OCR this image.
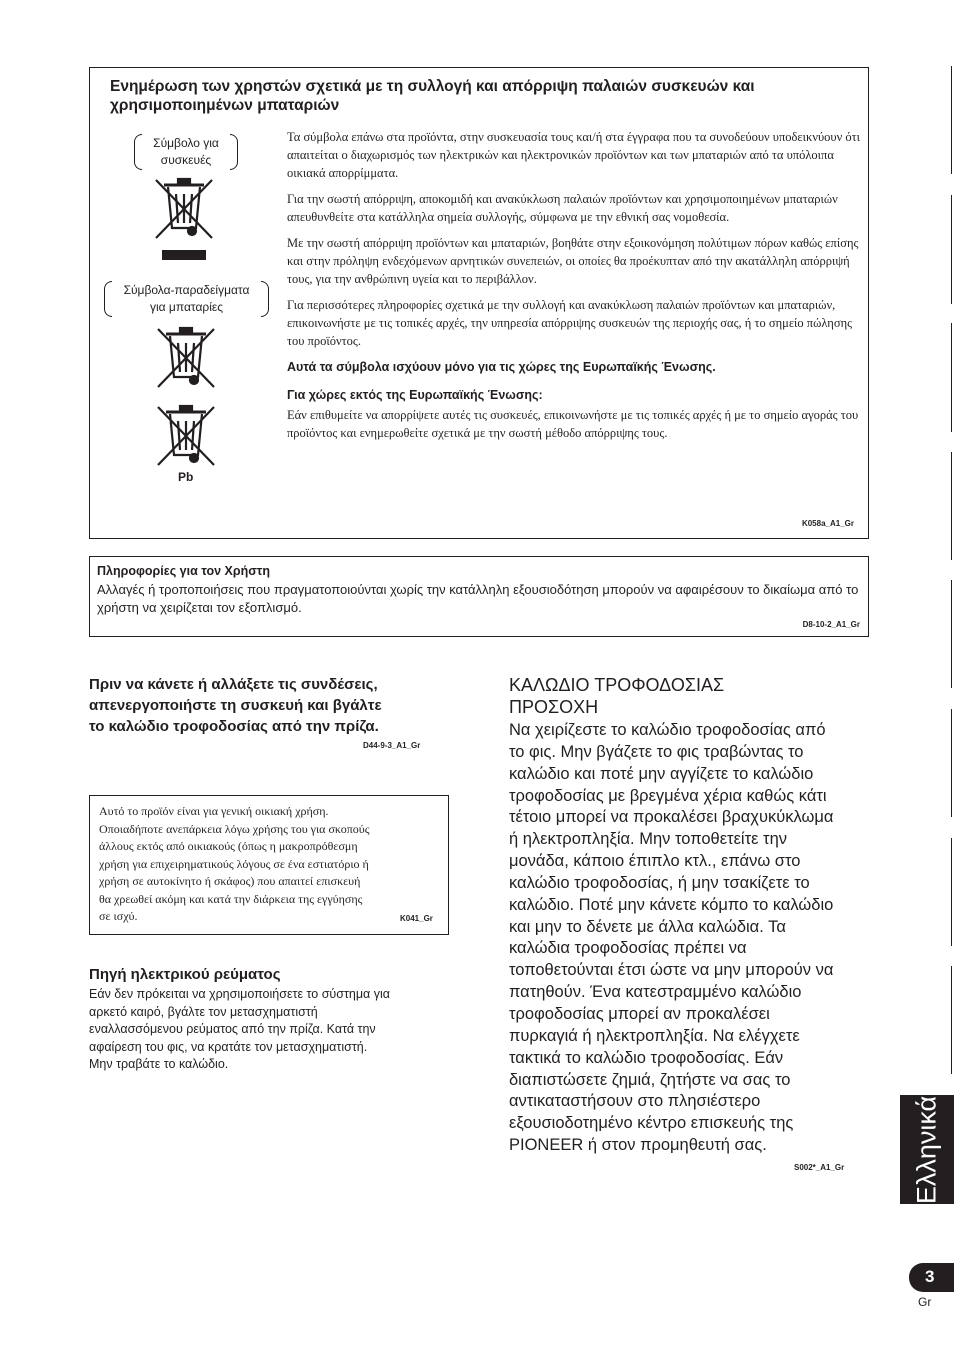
Ενημέρωση των χρηστών σχετικά με τη συλλογή και απόρριψη παλαιών συσκευών και χρησιμοποιημένων μπαταριών
Σύμβολο για
συσκευές
Σύμβολα-παραδείγματα
για μπαταρίες
Pb

Τα σύμβολα επάνω στα προϊόντα, στην συσκευασία τους και/ή στα έγγραφα που τα συνοδεύουν υποδεικνύουν ότι απαιτείται ο διαχωρισμός των ηλεκτρικών και ηλεκτρονικών προϊόντων και των μπαταριών από τα υπόλοιπα οικιακά απορρίμματα.

Για την σωστή απόρριψη, αποκομιδή και ανακύκλωση παλαιών προϊόντων και χρησιμοποιημένων μπαταριών απευθυνθείτε στα κατάλληλα σημεία συλλογής, σύμφωνα με την εθνική σας νομοθεσία.

Με την σωστή απόρριψη προϊόντων και μπαταριών, βοηθάτε στην εξοικονόμηση πολύτιμων πόρων καθώς επίσης και στην πρόληψη ενδεχόμενων αρνητικών συνεπειών, οι οποίες θα προέκυπταν από την ακατάλληλη απόρριψή τους, για την ανθρώπινη υγεία και το περιβάλλον.

Για περισσότερες πληροφορίες σχετικά με την συλλογή και ανακύκλωση παλαιών προϊόντων και μπαταριών, επικοινωνήστε με τις τοπικές αρχές, την υπηρεσία απόρριψης συσκευών της περιοχής σας, ή το σημείο πώλησης του προϊόντος.

Αυτά τα σύμβολα ισχύουν μόνο για τις χώρες της Ευρωπαϊκής Ένωσης.

Για χώρες εκτός της Ευρωπαϊκής Ένωσης:

Εάν επιθυμείτε να απορρίψετε αυτές τις συσκευές, επικοινωνήστε με τις τοπικές αρχές ή με το σημείο αγοράς του προϊόντος και ενημερωθείτε σχετικά με την σωστή μέθοδο απόρριψης τους.

K058a_A1_Gr
Πληροφορίες για τον Χρήστη
Αλλαγές ή τροποποιήσεις που πραγματοποιούνται χωρίς την κατάλληλη εξουσιοδότηση μπορούν να αφαιρέσουν το δικαίωμα από το χρήστη να χειρίζεται τον εξοπλισμό.
D8-10-2_A1_Gr
Πριν να κάνετε ή αλλάξετε τις συνδέσεις,
απενεργοποιήστε τη συσκευή και βγάλτε
το καλώδιο τροφοδοσίας από την πρίζα.
D44-9-3_A1_Gr
Αυτό το προϊόν είναι για γενική οικιακή χρήση.
Οποιαδήποτε ανεπάρκεια λόγω χρήσης του για σκοπούς
άλλους εκτός από οικιακούς (όπως η μακροπρόθεσμη
χρήση για επιχειρηματικούς λόγους σε ένα εστιατόριο ή
χρήση σε αυτοκίνητο ή σκάφος) που απαιτεί επισκευή
θα χρεωθεί ακόμη και κατά την διάρκεια της εγγύησης
σε ισχύ.	K041_Gr
Πηγή ηλεκτρικού ρεύματος
Εάν δεν πρόκειται να χρησιμοποιήσετε το σύστημα για
αρκετό καιρό, βγάλτε τον μετασχηματιστή
εναλλασσόμενου ρεύματος από την πρίζα. Κατά την
αφαίρεση του φις, να κρατάτε τον μετασχηματιστή.
Μην τραβάτε το καλώδιο.
ΚΑΛΩΔΙΟ ΤΡΟΦΟΔΟΣΙΑΣ
ΠΡΟΣΟΧΗ
Να χειρίζεστε το καλώδιο τροφοδοσίας από
το φις. Μην βγάζετε το φις τραβώντας το
καλώδιο και ποτέ μην αγγίζετε το καλώδιο
τροφοδοσίας με βρεγμένα χέρια καθώς κάτι
τέτοιο μπορεί να προκαλέσει βραχυκύκλωμα
ή ηλεκτροπληξία. Μην τοποθετείτε την
μονάδα, κάποιο έπιπλο κτλ., επάνω στο
καλώδιο τροφοδοσίας, ή μην τσακίζετε το
καλώδιο. Ποτέ μην κάνετε κόμπο το καλώδιο
και μην το δένετε με άλλα καλώδια. Τα
καλώδια τροφοδοσίας πρέπει να
τοποθετούνται έτσι ώστε να μην μπορούν να
πατηθούν. Ένα κατεστραμμένο καλώδιο
τροφοδοσίας μπορεί αν προκαλέσει
πυρκαγιά ή ηλεκτροπληξία. Να ελέγχετε
τακτικά το καλώδιο τροφοδοσίας. Εάν
διαπιστώσετε ζημιά, ζητήστε να σας το
αντικαταστήσουν στο πλησιέστερο
εξουσιοδοτημένο κέντρο επισκευής της
PIONEER ή στον προμηθευτή σας.
S002*_A1_Gr Ελληνικά
3
Gr
